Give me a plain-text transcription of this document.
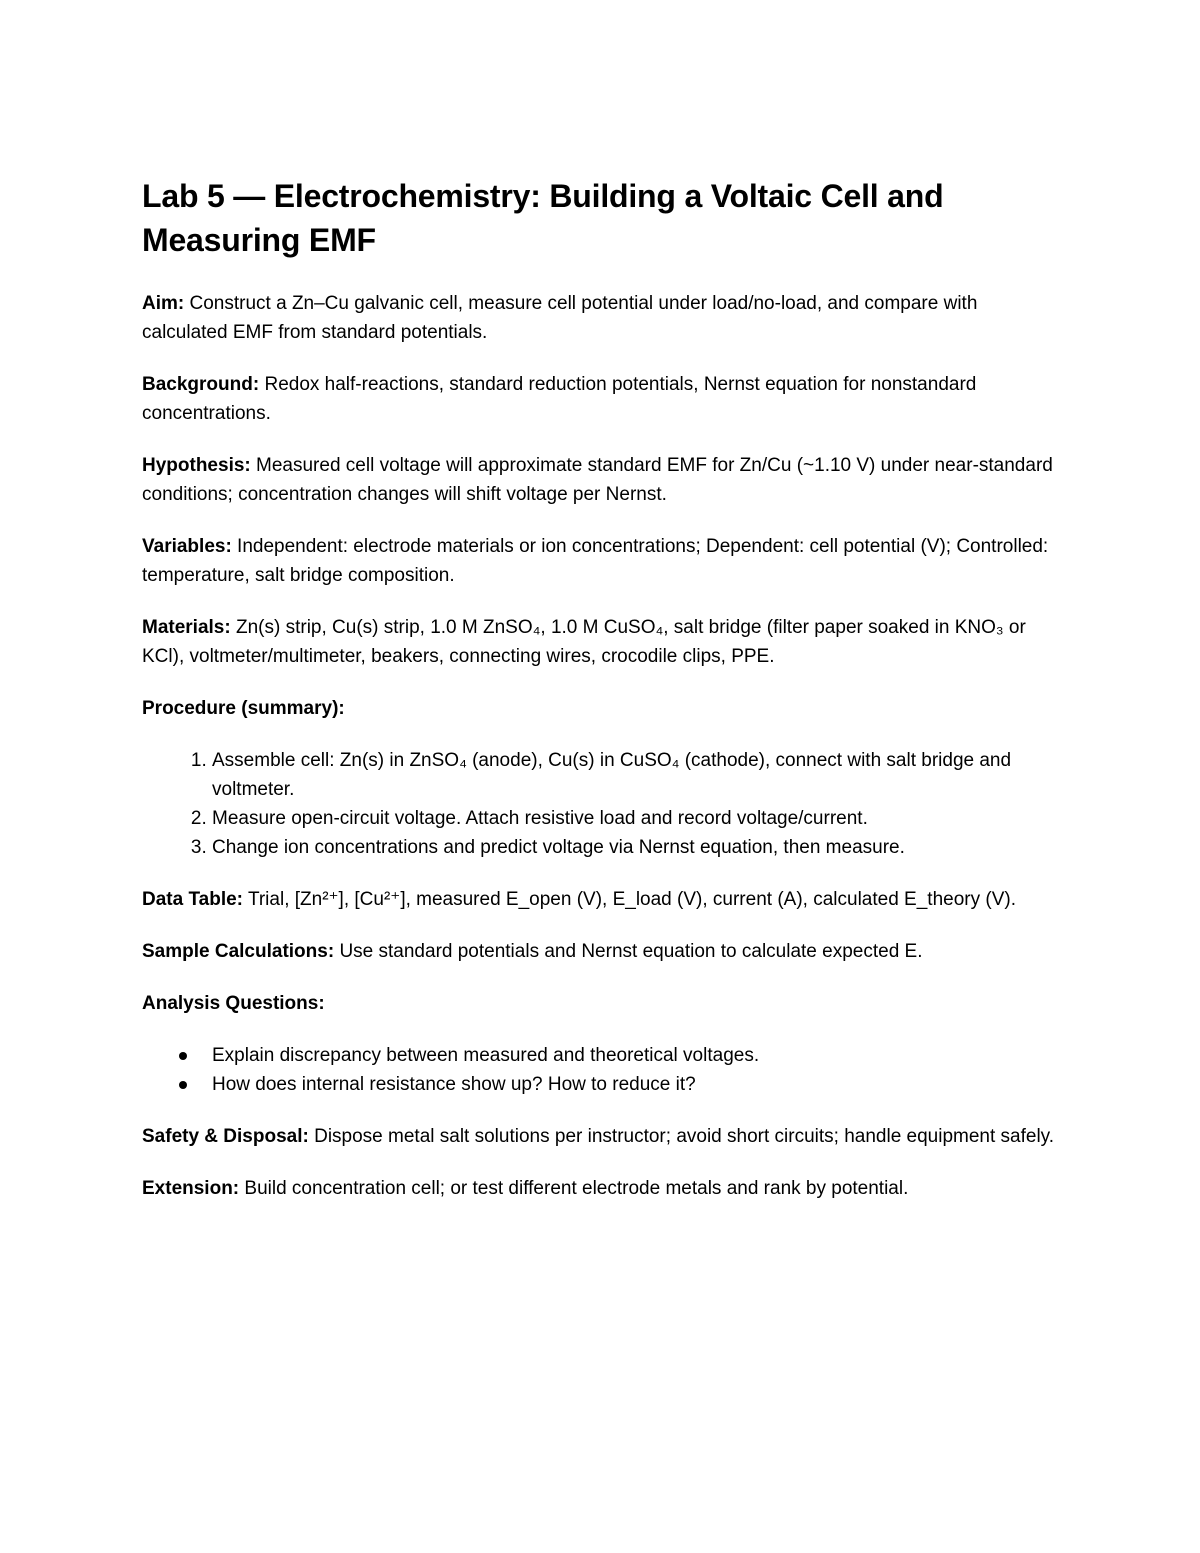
Lab 5 — Electrochemistry: Building a Voltaic Cell and Measuring EMF

Aim: Construct a Zn–Cu galvanic cell, measure cell potential under load/no-load, and compare with calculated EMF from standard potentials.

Background: Redox half-reactions, standard reduction potentials, Nernst equation for nonstandard concentrations.

Hypothesis: Measured cell voltage will approximate standard EMF for Zn/Cu (~1.10 V) under near-standard conditions; concentration changes will shift voltage per Nernst.

Variables: Independent: electrode materials or ion concentrations; Dependent: cell potential (V); Controlled: temperature, salt bridge composition.

Materials: Zn(s) strip, Cu(s) strip, 1.0 M ZnSO₄, 1.0 M CuSO₄, salt bridge (filter paper soaked in KNO₃ or KCl), voltmeter/multimeter, beakers, connecting wires, crocodile clips, PPE.

Procedure (summary):

1. Assemble cell: Zn(s) in ZnSO₄ (anode), Cu(s) in CuSO₄ (cathode), connect with salt bridge and voltmeter.
2. Measure open-circuit voltage. Attach resistive load and record voltage/current.
3. Change ion concentrations and predict voltage via Nernst equation, then measure.

Data Table: Trial, [Zn²⁺], [Cu²⁺], measured E_open (V), E_load (V), current (A), calculated E_theory (V).

Sample Calculations: Use standard potentials and Nernst equation to calculate expected E.

Analysis Questions:

Explain discrepancy between measured and theoretical voltages.
How does internal resistance show up? How to reduce it?

Safety & Disposal: Dispose metal salt solutions per instructor; avoid short circuits; handle equipment safely.

Extension: Build concentration cell; or test different electrode metals and rank by potential.
